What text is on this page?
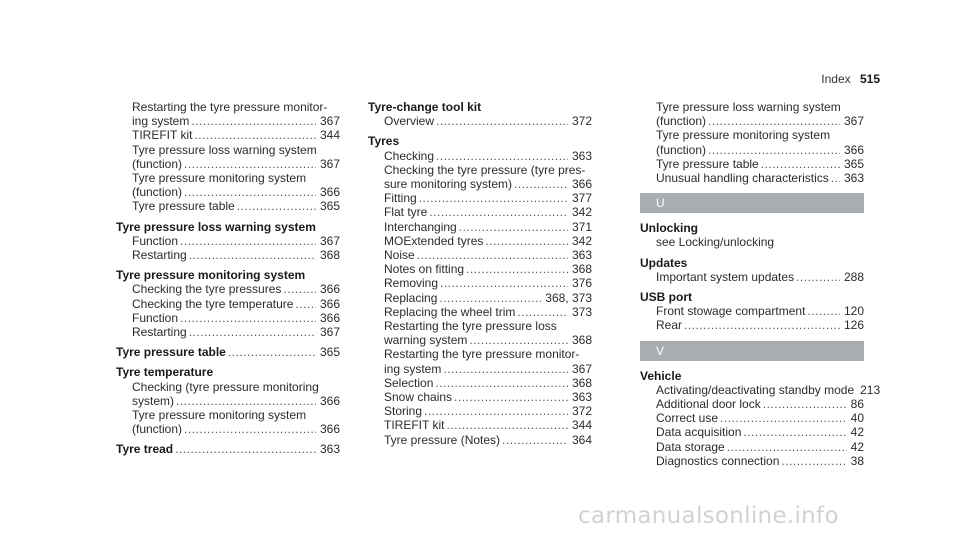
Index 515
Restarting the tyre pressure monitor-
ing system .....	367
TIREFIT kit .....	344
Tyre pressure loss warning system
(function) .....	367
Tyre pressure monitoring system
(function) .....	366
Tyre pressure table .....	365
Tyre pressure loss warning system
Function .....	367
Restarting .....	368
Tyre pressure monitoring system
Checking the tyre pressures .....	366
Checking the tyre temperature ..... 366
Function .....	366
Restarting .....	367
Tyre pressure table .....	365
Tyre temperature
Checking (tyre pressure monitoring
system) .....	366
Tyre pressure monitoring system
(function) .....	366
Tyre tread .....	363
Tyre-change tool kit
Overview .....	372
Tyres
Checking .....	363
Checking the tyre pressure (tyre pres-
sure monitoring system) .....	366
Fitting .....	377
Flat tyre .....	342
Interchanging .....	371
MOExtended tyres .....	342
Noise .....	363
Notes on fitting .....	368
Removing .....	376
Replacing .....	368, 373
Replacing the wheel trim .....	373
Restarting the tyre pressure loss
warning system .....	368
Restarting the tyre pressure monitor-
ing system .....	367
Selection .....	368
Snow chains .....	363
Storing .....	372
TIREFIT kit .....	344
Tyre pressure (Notes) .....	364
Tyre pressure loss warning system
(function) .....	367
Tyre pressure monitoring system
(function) .....	366
Tyre pressure table .....	365
Unusual handling characteristics ..... 363
U
Unlocking
see Locking/unlocking
Updates
Important system updates .....	288
USB port
Front stowage compartment .....	120
Rear .....	126
V
Vehicle
Activating/deactivating standby mode 213
Additional door lock .....	86
Correct use .....	40
Data acquisition .....	42
Data storage .....	42
Diagnostics connection .....	38
carmanualsonline.info
